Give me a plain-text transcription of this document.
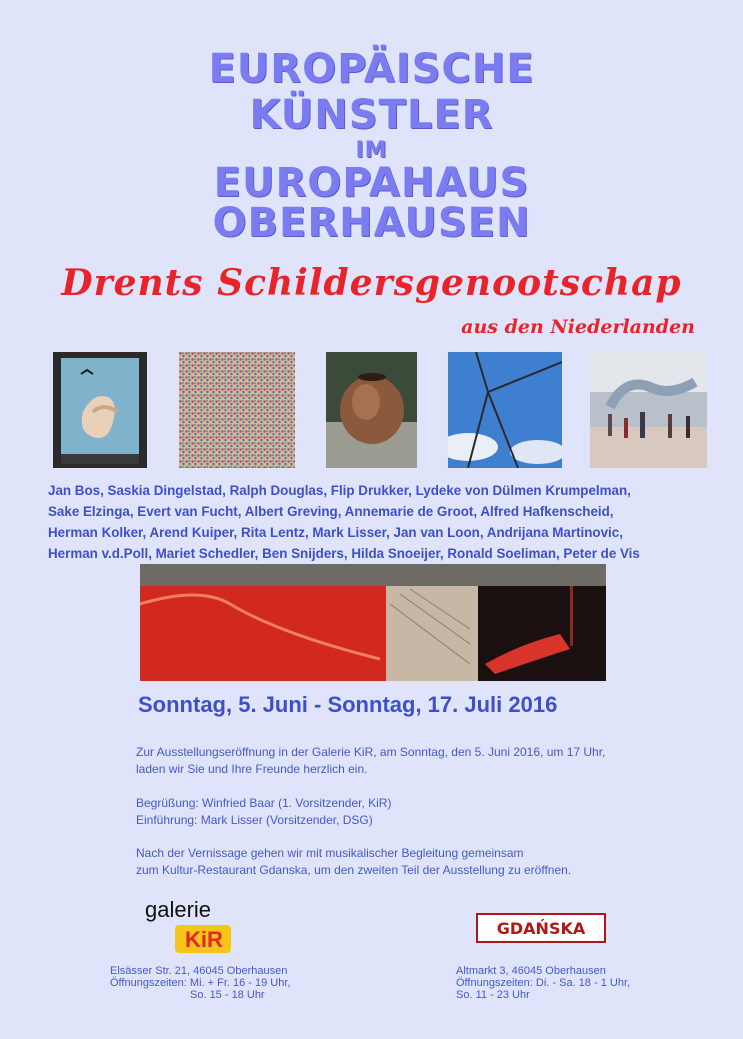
EUROPÄISCHE
KÜNSTLER
IM
EUROPAHAUS
OBERHAUSEN
Drents Schildersgenootschap
aus den Niederlanden
Jan Bos, Saskia Dingelstad, Ralph Douglas, Flip Drukker, Lydeke von Dülmen Krumpelman,
Sake Elzinga, Evert van Fucht, Albert Greving, Annemarie de Groot, Alfred Hafkenscheid,
Herman Kolker, Arend Kuiper, Rita Lentz, Mark Lisser, Jan van Loon, Andrijana Martinovic,
Herman v.d.Poll, Mariet Schedler, Ben Snijders, Hilda Snoeijer, Ronald Soeliman, Peter de Vis
Sonntag, 5. Juni - Sonntag, 17. Juli 2016
Zur Ausstellungseröffnung in der Galerie KiR, am Sonntag, den 5. Juni 2016, um 17 Uhr,
laden wir Sie und Ihre Freunde herzlich ein.
Begrüßung: Winfried Baar (1. Vorsitzender, KiR)
Einführung: Mark Lisser (Vorsitzender, DSG)
Nach der Vernissage gehen wir mit musikalischer Begleitung gemeinsam
zum Kultur-Restaurant Gdanska, um den zweiten Teil der Ausstellung zu eröffnen.
galerie
KiR
Elsässer Str. 21, 46045 Oberhausen
Öffnungszeiten: Mi. + Fr. 16 - 19 Uhr,
So. 15 - 18 Uhr
GDAŃSKA
Altmarkt 3, 46045 Oberhausen
Öffnungszeiten: Di. - Sa. 18 - 1 Uhr,
So. 11 - 23 Uhr
